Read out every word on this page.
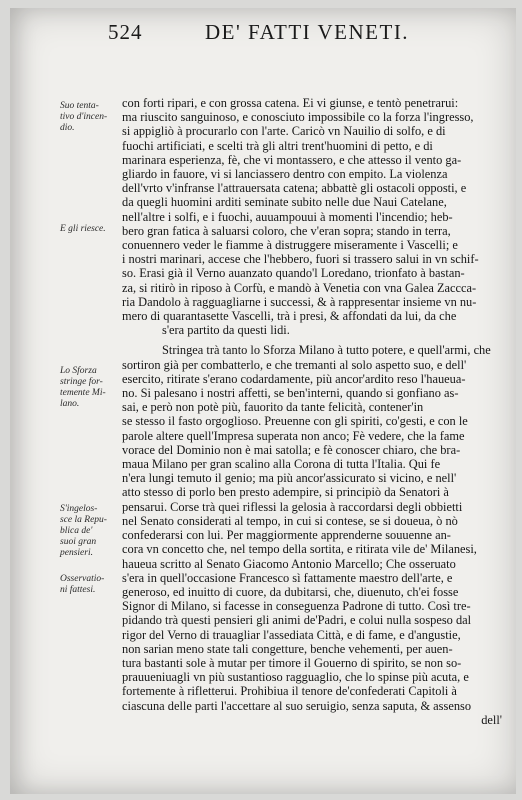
524	DE' FATTI VENETI.
Suo tenta-
tivo d'incen-
dio.
E gli riesce.
Lo Sforza
stringe for-
temente Mi-
lano.
S'ingelos-
sce la Repu-
blica de'
suoi gran
pensieri.
Osservatio-
ni fattesi.
con forti ripari, e con grossa catena. Ei vi giunse, e tentò penetrarui:
ma riuscito sanguinoso, e conosciuto impossibile co la forza l'ingresso,
si appigliò à procurarlo con l'arte. Caricò vn Nauilio di solfo, e di
fuochi artificiati, e scelti trà gli altri trent'huomini di petto, e di
marinara esperienza, fè, che vi montassero, e che attesso il vento ga-
gliardo in fauore, vi si lanciassero dentro con empito. La violenza
dell'vrto v'infranse l'attrauersata catena; abbattè gli ostacoli opposti, e
da quegli huomini arditi seminate subito nelle due Naui Catelane,
nell'altre i solfi, e i fuochi, auuampouui à momenti l'incendio; heb-
bero gran fatica à saluarsi coloro, che v'eran sopra; stando in terra,
conuennero veder le fiamme à distruggere miseramente i Vascelli; e
i nostri marinari, accese che l'hebbero, fuori si trassero salui in vn schif-
so. Erasi già il Verno auanzato quando'l Loredano, trionfato à bastan-
za, si ritirò in riposo à Corfù, e mandò à Venetia con vna Galea Zaccca-
ria Dandolo à ragguagliarne i successi, & à rappresentar insieme vn nu-
mero di quarantasette Vascelli, trà i presi, & affondati da lui, da che
s'era partito da questi lidi.
Stringea trà tanto lo Sforza Milano à tutto potere, e quell'armi, che
sortiron già per combatterlo, e che tremanti al solo aspetto suo, e dell'
esercito, ritirate s'erano codardamente, più ancor'ardito reso l'haueua-
no. Si palesano i nostri affetti, se ben'interni, quando si gonfiano as-
sai, e però non potè più, fauorito da tante felicità, contener'in
se stesso il fasto orgoglioso. Preuenne con gli spiriti, co'gesti, e con le
parole altere quell'Impresa superata non anco; Fè vedere, che la fame
vorace del Dominio non è mai satolla; e fè conoscer chiaro, che bra-
maua Milano per gran scalino alla Corona di tutta l'Italia. Qui fe
n'era lungi temuto il genio; ma più ancor'assicurato si vicino, e nell'
atto stesso di porlo ben presto adempire, si principiò da Senatori à
pensarui. Corse trà quei riflessi la gelosia à raccordarsi degli obbietti
nel Senato considerati al tempo, in cui si contese, se si doueua, ò nò
confederarsi con lui. Per maggiormente apprenderne souuenne an-
cora vn concetto che, nel tempo della sortita, e ritirata vile de' Milanesi,
haueua scritto al Senato Giacomo Antonio Marcello; Che osseruato
s'era in quell'occasione Francesco sì fattamente maestro dell'arte, e
generoso, ed inuitto di cuore, da dubitarsi, che, diuenuto, ch'ei fosse
Signor di Milano, si facesse in conseguenza Padrone di tutto. Così tre-
pidando trà questi pensieri gli animi de'Padri, e colui nulla sospeso dal
rigor del Verno di trauagliar l'assediata Città, e di fame, e d'angustie,
non sarian meno state tali congetture, benche vehementi, per auen-
tura bastanti sole à mutar per timore il Gouerno di spirito, se non so-
prauueniuagli vn più sustantioso ragguaglio, che lo spinse più acuta, e
fortemente à rifletterui. Prohibiua il tenore de'confederati Capitoli à
ciascuna delle parti l'accettare al suo seruigio, senza saputa, & assenso
dell'
